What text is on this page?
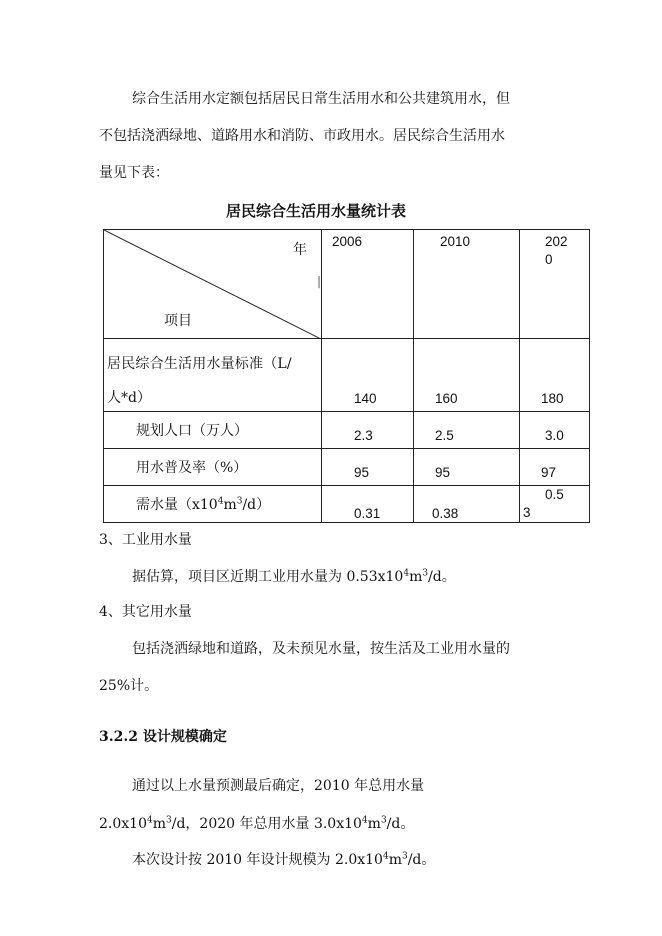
综合生活用水定额包括居民日常生活用水和公共建筑用水，但
不包括浇洒绿地、道路用水和消防、市政用水。居民综合生活用水
量见下表：
居民综合生活用水量统计表
年
|
项目	2006	2010	202
0

居民综合生活用水量标准（L/
人*d）	140	160	180

规划人口（万人）	2.3	2.5	3.0

用水普及率（%）	95	95	97

需水量$(x10^4m^3/d)$	0.31	0.38	0.5
3
3、工业用水量
据估算，项目区近期工业用水量为 $0.53x10^4m^3/d$。
4、其它用水量
包括浇洒绿地和道路，及未预见水量，按生活及工业用水量的
25%计。
3.2.2 设计规模确定
通过以上水量预测最后确定，2010 年总用水量
$2.0x10^4m^3/d$，2020 年总用水量 $3.0x10^4m^3/d$。
本次设计按 2010 年设计规模为 $2.0x10^4m^3/d$。
